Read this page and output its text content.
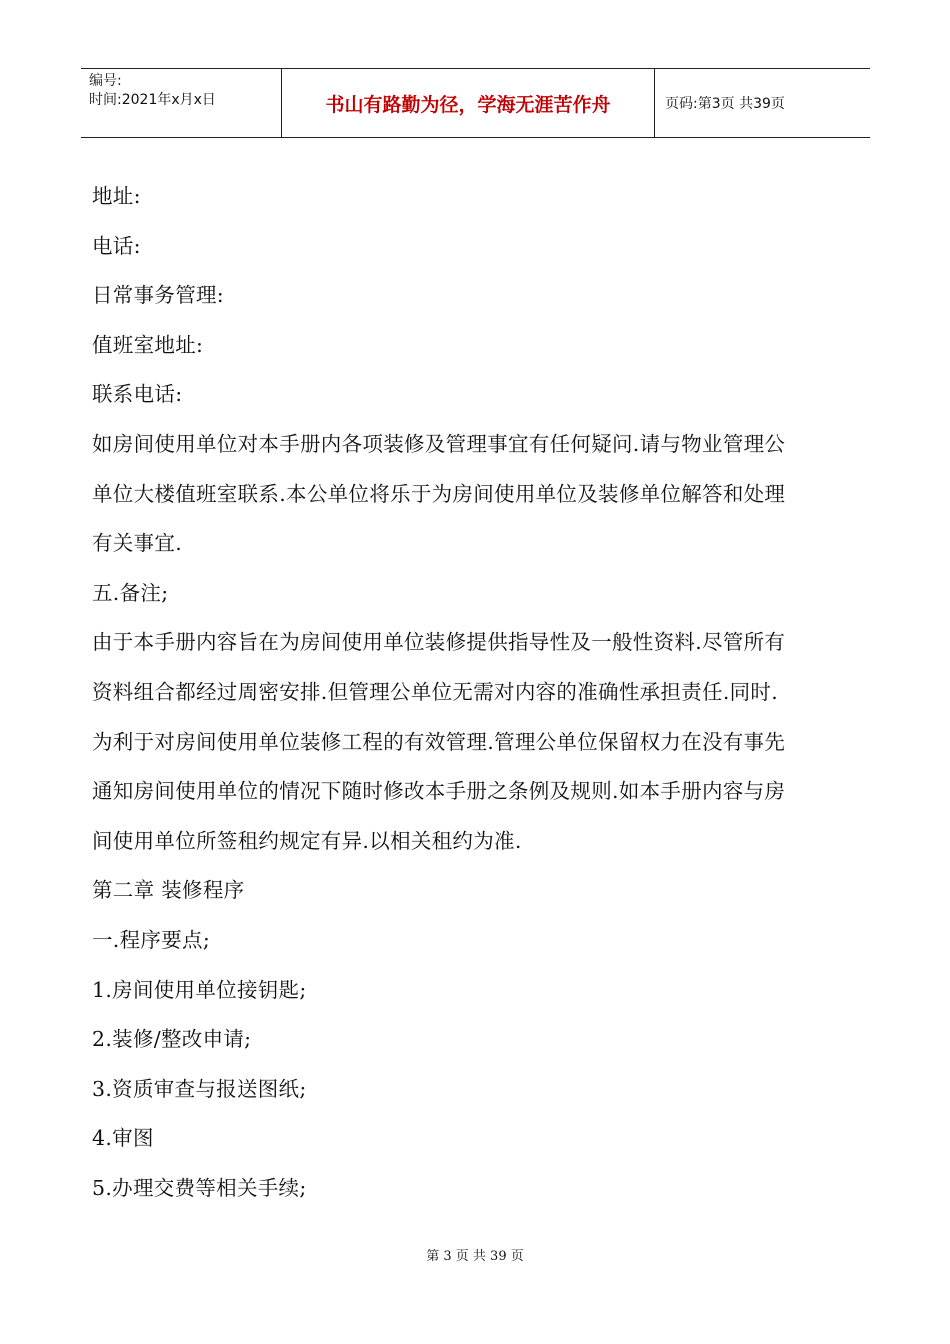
编号:
时间:2021年x月x日	书山有路勤为径，学海无涯苦作舟	页码:第3页 共39页

地址:

电话:

日常事务管理:

值班室地址:

联系电话:

如房间使用单位对本手册内各项装修及管理事宜有任何疑问.请与物业管理公

单位大楼值班室联系.本公单位将乐于为房间使用单位及装修单位解答和处理

有关事宜.

五.备注;

由于本手册内容旨在为房间使用单位装修提供指导性及一般性资料.尽管所有

资料组合都经过周密安排.但管理公单位无需对内容的准确性承担责任.同时.

为利于对房间使用单位装修工程的有效管理.管理公单位保留权力在没有事先

通知房间使用单位的情况下随时修改本手册之条例及规则.如本手册内容与房

间使用单位所签租约规定有异.以相关租约为准.

第二章 装修程序

一.程序要点;

1.房间使用单位接钥匙;

2.装修/整改申请;

3.资质审查与报送图纸;

4.审图

5.办理交费等相关手续;

第 3 页 共 39 页
